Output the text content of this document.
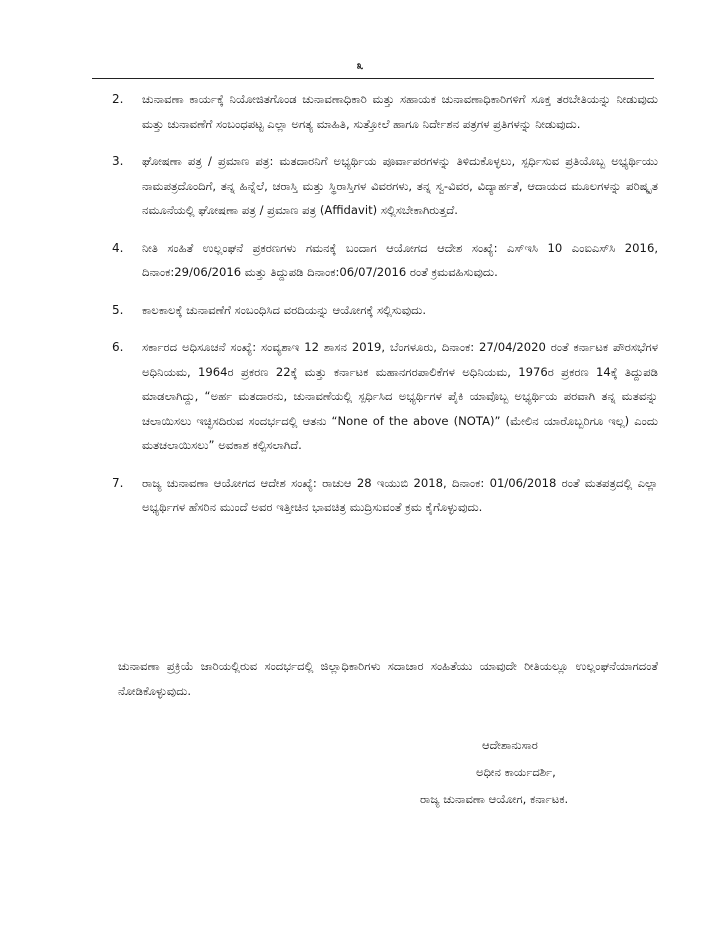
೩
2.	ಚುನಾವಣಾ ಕಾರ್ಯಕ್ಕೆ ನಿಯೋಜಿತಗೊಂಡ ಚುನಾವಣಾಧಿಕಾರಿ ಮತ್ತು ಸಹಾಯಕ ಚುನಾವಣಾಧಿಕಾರಿಗಳಿಗೆ ಸೂಕ್ತ ತರಬೇತಿಯನ್ನು ನೀಡುವುದು ಮತ್ತು ಚುನಾವಣೆಗೆ ಸಂಬಂಧಪಟ್ಟ ಎಲ್ಲಾ ಅಗತ್ಯ ಮಾಹಿತಿ, ಸುತ್ತೋಲೆ ಹಾಗೂ ನಿರ್ದೇಶನ ಪತ್ರಗಳ ಪ್ರತಿಗಳನ್ನು ನೀಡುವುದು.
3.	ಘೋಷಣಾ ಪತ್ರ / ಪ್ರಮಾಣ ಪತ್ರ: ಮತದಾರನಿಗೆ ಅಭ್ಯರ್ಥಿಯ ಪೂರ್ವಾಪರಗಳನ್ನು ತಿಳಿದುಕೊಳ್ಳಲು, ಸ್ಪರ್ಧಿಸುವ ಪ್ರತಿಯೊಬ್ಬ ಅಭ್ಯರ್ಥಿಯು ನಾಮಪತ್ರದೊಂದಿಗೆ, ತನ್ನ ಹಿನ್ನೆಲೆ, ಚರಾಸ್ತಿ ಮತ್ತು ಸ್ಥಿರಾಸ್ತಿಗಳ ವಿವರಗಳು, ತನ್ನ ಸ್ವ-ವಿವರ, ವಿದ್ಯಾರ್ಹತೆ, ಆದಾಯದ ಮೂಲಗಳನ್ನು ಪರಿಷ್ಕೃತ ನಮೂನೆಯಲ್ಲಿ ಘೋಷಣಾ ಪತ್ರ / ಪ್ರಮಾಣ ಪತ್ರ (Affidavit) ಸಲ್ಲಿಸಬೇಕಾಗಿರುತ್ತದೆ.
4.	ನೀತಿ ಸಂಹಿತೆ ಉಲ್ಲಂಘನೆ ಪ್ರಕರಣಗಳು ಗಮನಕ್ಕೆ ಬಂದಾಗ ಆಯೋಗದ ಆದೇಶ ಸಂಖ್ಯೆ: ಎಸ್ಇಸಿ 10 ಎಂಐಎಸ್‌ಸಿ 2016, ದಿನಾಂಕ:29/06/2016 ಮತ್ತು ತಿದ್ದುಪಡಿ ದಿನಾಂಕ:06/07/2016 ರಂತೆ ಕ್ರಮವಹಿಸುವುದು.
5.	ಕಾಲಕಾಲಕ್ಕೆ ಚುನಾವಣೆಗೆ ಸಂಬಂಧಿಸಿದ ವರದಿಯನ್ನು ಆಯೋಗಕ್ಕೆ ಸಲ್ಲಿಸುವುದು.
6.	ಸರ್ಕಾರದ ಅಧಿಸೂಚನೆ ಸಂಖ್ಯೆ: ಸಂವ್ಯಶಾಇ 12 ಶಾಸನ 2019, ಬೆಂಗಳೂರು, ದಿನಾಂಕ: 27/04/2020 ರಂತೆ ಕರ್ನಾಟಕ ಪೌರಸಭೆಗಳ ಅಧಿನಿಯಮ, 1964ರ ಪ್ರಕರಣ 22ಕ್ಕೆ ಮತ್ತು ಕರ್ನಾಟಕ ಮಹಾನಗರಪಾಲಿಕೆಗಳ ಅಧಿನಿಯಮ, 1976ರ ಪ್ರಕರಣ 14ಕ್ಕೆ ತಿದ್ದುಪಡಿ ಮಾಡಲಾಗಿದ್ದು, “ಅರ್ಹ ಮತದಾರನು, ಚುನಾವಣೆಯಲ್ಲಿ ಸ್ಪರ್ಧಿಸಿದ ಅಭ್ಯರ್ಥಿಗಳ ಪೈಕಿ ಯಾವೊಬ್ಬ ಅಭ್ಯರ್ಥಿಯ ಪರವಾಗಿ ತನ್ನ ಮತವನ್ನು ಚಲಾಯಿಸಲು ಇಚ್ಛಿಸದಿರುವ ಸಂದರ್ಭದಲ್ಲಿ ಆತನು “None of the above (NOTA)” (ಮೇಲಿನ ಯಾರೊಬ್ಬರಿಗೂ ಇಲ್ಲ) ಎಂದು ಮತಚಲಾಯಿಸಲು” ಅವಕಾಶ ಕಲ್ಪಿಸಲಾಗಿದೆ.
7.	ರಾಜ್ಯ ಚುನಾವಣಾ ಆಯೋಗದ ಆದೇಶ ಸಂಖ್ಯೆ: ರಾಚುಆ 28 ಇಯುಬಿ 2018, ದಿನಾಂಕ: 01/06/2018 ರಂತೆ ಮತಪತ್ರದಲ್ಲಿ ಎಲ್ಲಾ ಅಭ್ಯರ್ಥಿಗಳ ಹೆಸರಿನ ಮುಂದೆ ಅವರ ಇತ್ತೀಚಿನ ಭಾವಚಿತ್ರ ಮುದ್ರಿಸುವಂತೆ ಕ್ರಮ ಕೈಗೊಳ್ಳುವುದು.
ಚುನಾವಣಾ ಪ್ರಕ್ರಿಯೆ ಜಾರಿಯಲ್ಲಿರುವ ಸಂದರ್ಭದಲ್ಲಿ ಜಿಲ್ಲಾಧಿಕಾರಿಗಳು ಸದಾಚಾರ ಸಂಹಿತೆಯು ಯಾವುದೇ ರೀತಿಯಲ್ಲೂ ಉಲ್ಲಂಘನೆಯಾಗದಂತೆ ನೋಡಿಕೊಳ್ಳುವುದು.
ಆದೇಶಾನುಸಾರ
ಅಧೀನ ಕಾರ್ಯದರ್ಶಿ,
ರಾಜ್ಯ ಚುನಾವಣಾ ಆಯೋಗ, ಕರ್ನಾಟಕ.
